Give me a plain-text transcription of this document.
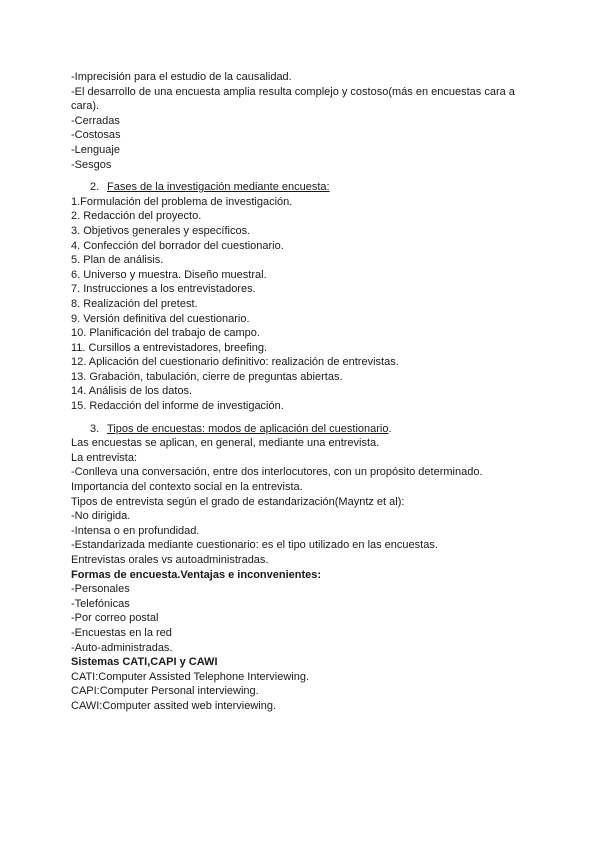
-Imprecisión para el estudio de la causalidad.

-El desarrollo de una encuesta amplia resulta complejo y costoso(más en encuestas cara a cara).

-Cerradas

-Costosas

-Lenguaje

-Sesgos

2. Fases de la investigación mediante encuesta:

1.Formulación del problema de investigación.

2. Redacción del proyecto.

3. Objetivos generales y específicos.

4. Confección del borrador del cuestionario.

5. Plan de análisis.

6. Universo y muestra. Diseño muestral.

7. Instrucciones a los entrevistadores.

8. Realización del pretest.

9. Versión definitiva del cuestionario.

10. Planificación del trabajo de campo.

11. Cursillos a entrevistadores, breefing.

12. Aplicación del cuestionario definitivo: realización de entrevistas.

13. Grabación, tabulación, cierre de preguntas abiertas.

14. Análisis de los datos.

15. Redacción del informe de investigación.

3. Tipos de encuestas: modos de aplicación del cuestionario.

Las encuestas se aplican, en general, mediante una entrevista.

La entrevista:

-Conlleva una conversación, entre dos interlocutores, con un propósito determinado.

Importancia del contexto social en la entrevista.

Tipos de entrevista según el grado de estandarización(Mayntz et al):

-No dirigida.

-Intensa o en profundidad.

-Estandarizada mediante cuestionario: es el tipo utilizado en las encuestas.

Entrevistas orales vs autoadministradas.

Formas de encuesta.Ventajas e inconvenientes:

-Personales

-Telefónicas

-Por correo postal

-Encuestas en la red

-Auto-administradas.

Sistemas CATI,CAPI y CAWI

CATI:Computer Assisted Telephone Interviewing.

CAPI:Computer Personal interviewing.

CAWI:Computer assited web interviewing.
